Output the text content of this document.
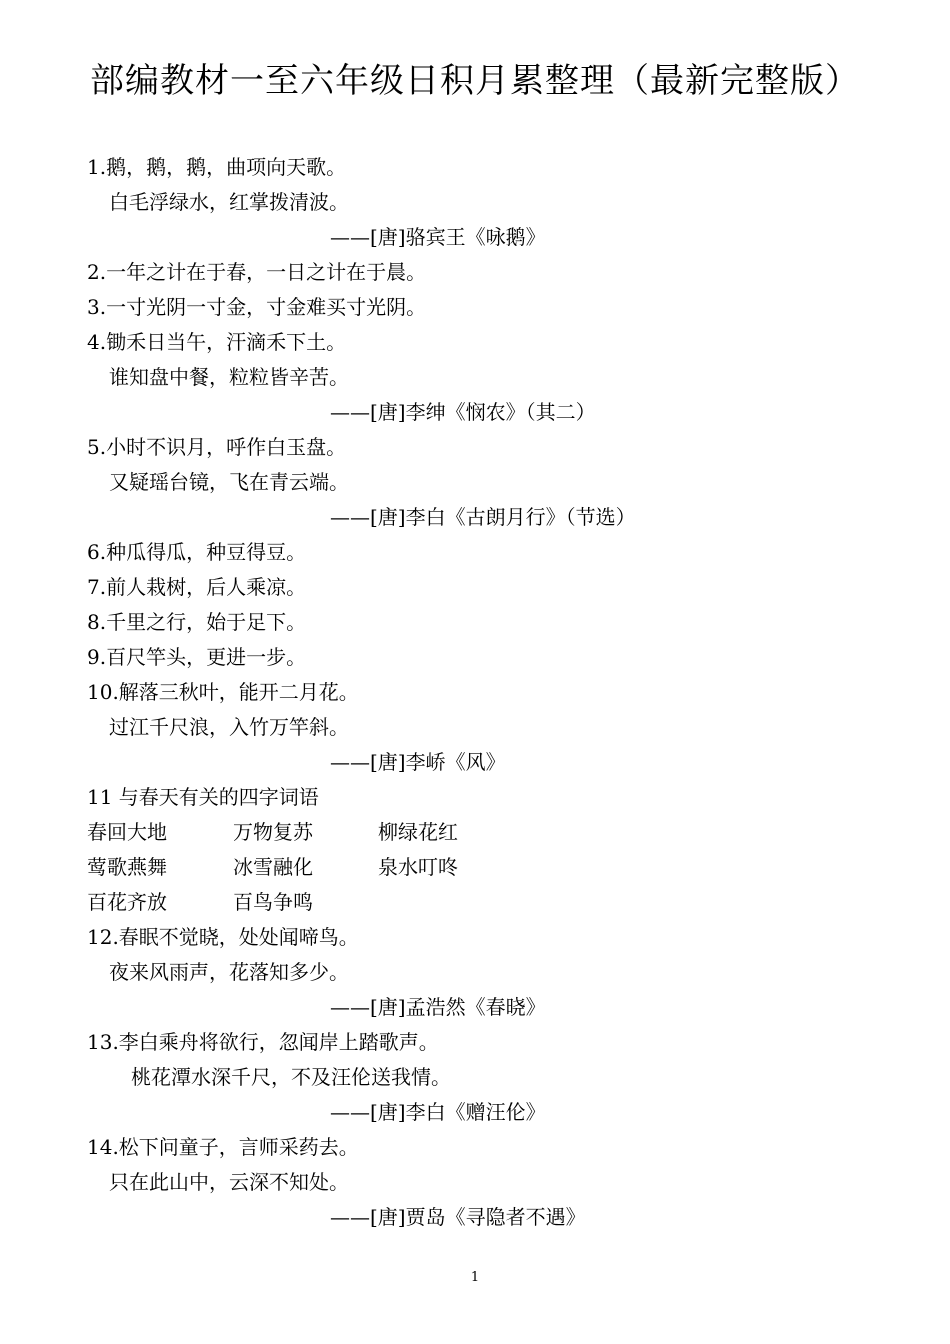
部编教材一至六年级日积月累整理（最新完整版）
1.鹅，鹅，鹅，曲项向天歌。
白毛浮绿水，红掌拨清波。
——[唐]骆宾王《咏鹅》
2.一年之计在于春，一日之计在于晨。
3.一寸光阴一寸金，寸金难买寸光阴。
4.锄禾日当午，汗滴禾下土。
谁知盘中餐，粒粒皆辛苦。
——[唐]李绅《悯农》（其二）
5.小时不识月，呼作白玉盘。
又疑瑶台镜，飞在青云端。
——[唐]李白《古朗月行》（节选）
6.种瓜得瓜，种豆得豆。
7.前人栽树，后人乘凉。
8.千里之行，始于足下。
9.百尺竿头，更进一步。
10.解落三秋叶，能开二月花。
过江千尺浪，入竹万竿斜。
——[唐]李峤《风》
11 与春天有关的四字词语
春回大地	万物复苏	柳绿花红
莺歌燕舞	冰雪融化	泉水叮咚
百花齐放	百鸟争鸣
12.春眠不觉晓，处处闻啼鸟。
夜来风雨声，花落知多少。
——[唐]孟浩然《春晓》
13.李白乘舟将欲行，忽闻岸上踏歌声。
桃花潭水深千尺，不及汪伦送我情。
——[唐]李白《赠汪伦》
14.松下问童子，言师采药去。
只在此山中，云深不知处。
——[唐]贾岛《寻隐者不遇》
1
